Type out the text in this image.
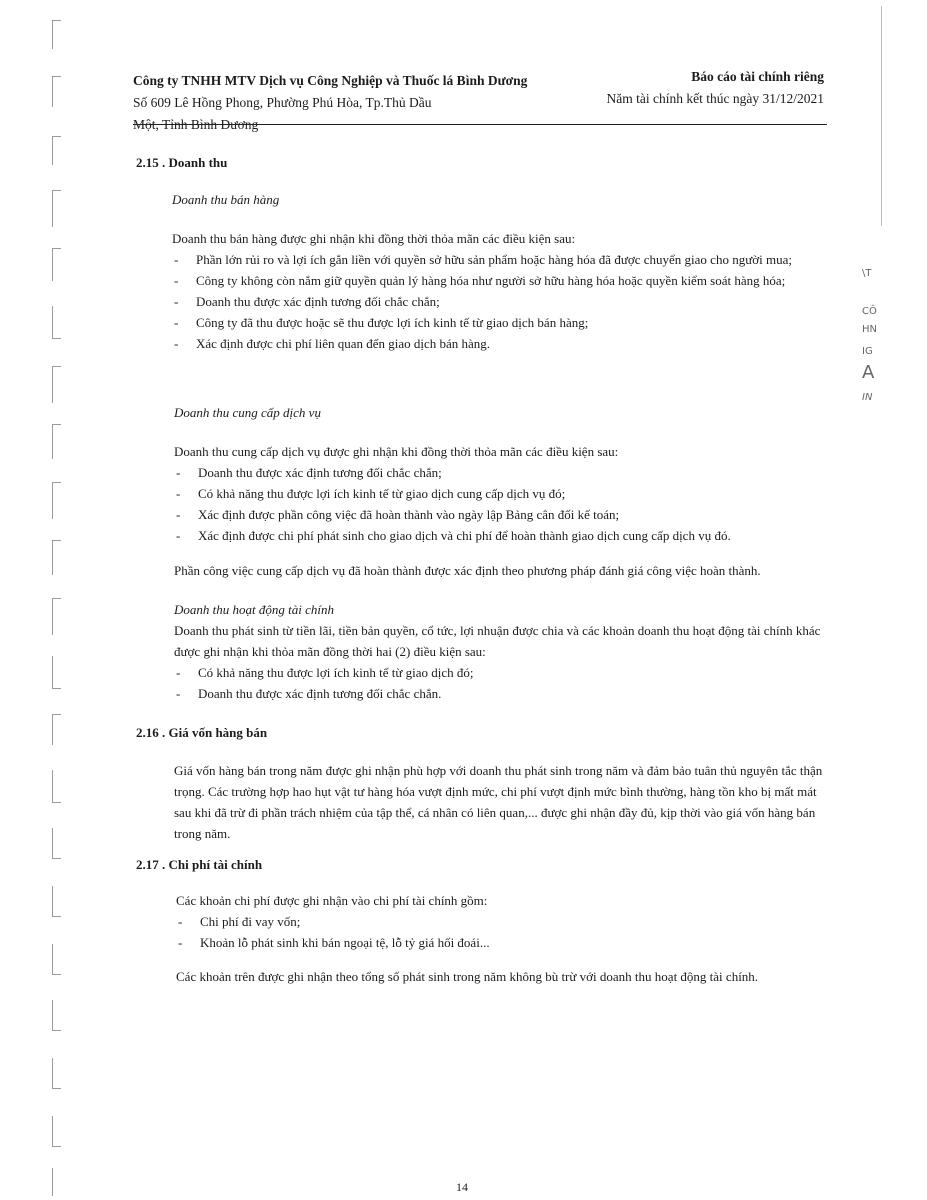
\T
CÔ
HN
IG
A
IN
Công ty TNHH MTV Dịch vụ Công Nghiệp và Thuốc lá Bình Dương
Số 609 Lê Hồng Phong, Phường Phú Hòa, Tp.Thủ Dầu
Một, Tỉnh Bình Dương
Báo cáo tài chính riêng
Năm tài chính kết thúc ngày 31/12/2021
2.15 . Doanh thu
Doanh thu bán hàng
Doanh thu bán hàng được ghi nhận khi đồng thời thỏa mãn các điều kiện sau:
- Phần lớn rủi ro và lợi ích gắn liền với quyền sở hữu sản phẩm hoặc hàng hóa đã được chuyển giao cho người mua;
- Công ty không còn nắm giữ quyền quản lý hàng hóa như người sở hữu hàng hóa hoặc quyền kiểm soát hàng hóa;
- Doanh thu được xác định tương đối chắc chắn;
- Công ty đã thu được hoặc sẽ thu được lợi ích kinh tế từ giao dịch bán hàng;
- Xác định được chi phí liên quan đến giao dịch bán hàng.
Doanh thu cung cấp dịch vụ
Doanh thu cung cấp dịch vụ được ghi nhận khi đồng thời thỏa mãn các điều kiện sau:
- Doanh thu được xác định tương đối chắc chắn;
- Có khả năng thu được lợi ích kinh tế từ giao dịch cung cấp dịch vụ đó;
- Xác định được phần công việc đã hoàn thành vào ngày lập Bảng cân đối kế toán;
- Xác định được chi phí phát sinh cho giao dịch và chi phí để hoàn thành giao dịch cung cấp dịch vụ đó.
Phần công việc cung cấp dịch vụ đã hoàn thành được xác định theo phương pháp đánh giá công việc hoàn thành.
Doanh thu hoạt động tài chính
Doanh thu phát sinh từ tiền lãi, tiền bản quyền, cổ tức, lợi nhuận được chia và các khoản doanh thu hoạt động tài chính khác được ghi nhận khi thỏa mãn đồng thời hai (2) điều kiện sau:
- Có khả năng thu được lợi ích kinh tế từ giao dịch đó;
- Doanh thu được xác định tương đối chắc chắn.
2.16 . Giá vốn hàng bán
Giá vốn hàng bán trong năm được ghi nhận phù hợp với doanh thu phát sinh trong năm và đảm bảo tuân thủ nguyên tắc thận trọng. Các trường hợp hao hụt vật tư hàng hóa vượt định mức, chi phí vượt định mức bình thường, hàng tồn kho bị mất mát sau khi đã trừ đi phần trách nhiệm của tập thể, cá nhân có liên quan,... được ghi nhận đầy đủ, kịp thời vào giá vốn hàng bán trong năm.
2.17 . Chi phí tài chính
Các khoản chi phí được ghi nhận vào chi phí tài chính gồm:
- Chi phí đi vay vốn;
- Khoản lỗ phát sinh khi bán ngoại tệ, lỗ tỷ giá hối đoái...
Các khoản trên được ghi nhận theo tổng số phát sinh trong năm không bù trừ với doanh thu hoạt động tài chính.
14
